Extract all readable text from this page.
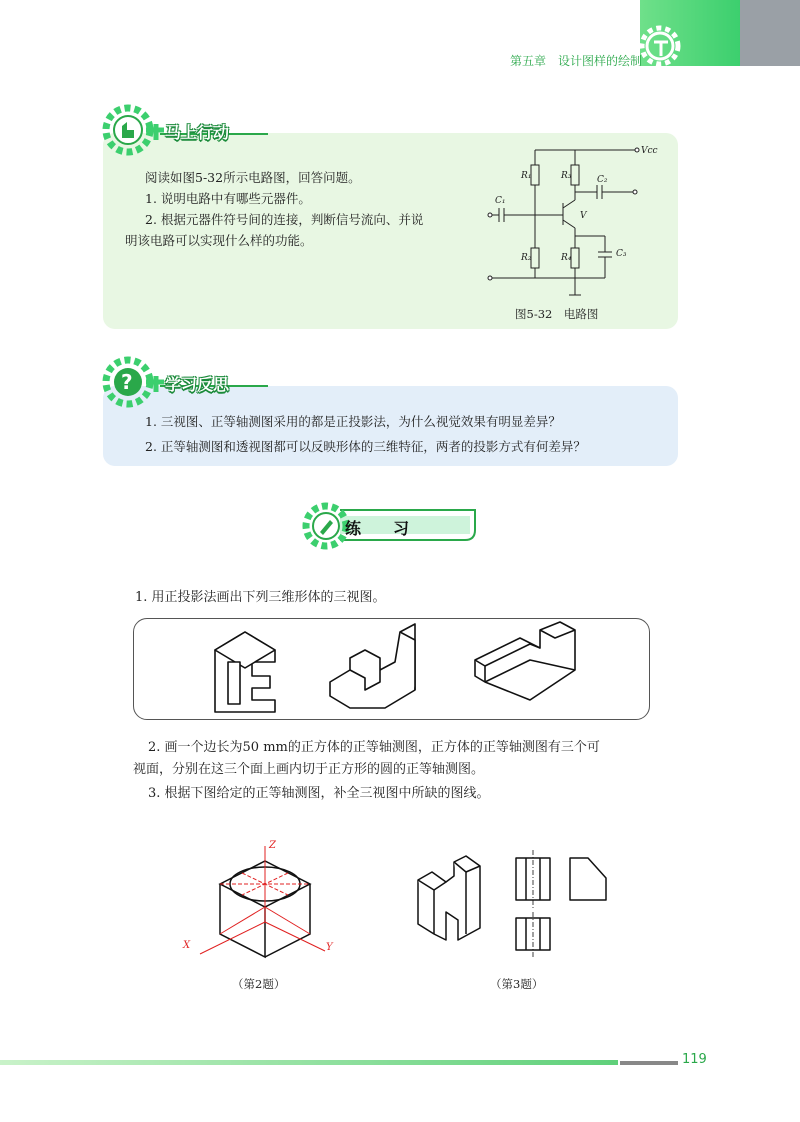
第五章　设计图样的绘制
马上行动
阅读如图5-32所示电路图，回答问题。
1. 说明电路中有哪些元器件。
2. 根据元器件符号间的连接，判断信号流向、并说
明该电路可以实现什么样的功能。
Vcc
R₁	R₃
R₂	R₄
C₁
C₂
C₃
V
图5-32　电路图
? 学习反思
1. 三视图、正等轴测图采用的都是正投影法，为什么视觉效果有明显差异？
2. 正等轴测图和透视图都可以反映形体的三维特征，两者的投影方式有何差异？
练　　习
1. 用正投影法画出下列三维形体的三视图。
2. 画一个边长为50 mm的正方体的正等轴测图，正方体的正等轴测图有三个可
视面，分别在这三个面上画内切于正方形的圆的正等轴测图。
3. 根据下图给定的正等轴测图，补全三视图中所缺的图线。
Z
X	Y
（第2题）	（第3题）
119
